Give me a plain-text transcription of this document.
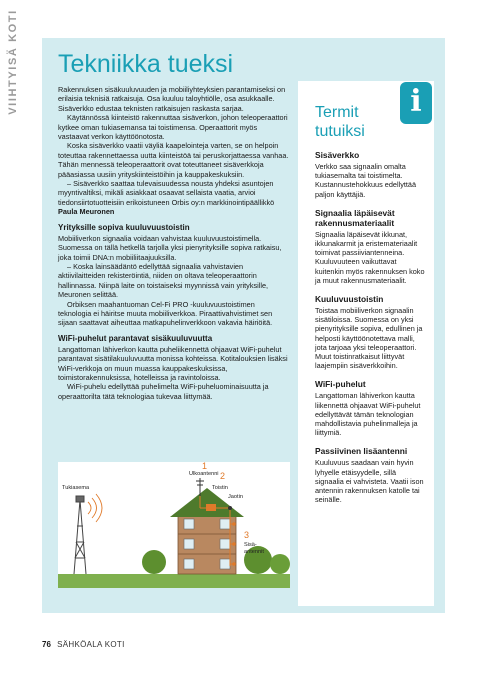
VIIHTYISÄ KOTI Tekniikka tueksi

Rakennuksen sisäkuuluvuuden ja mobiiliyhteyksien parantamiseksi on erilaisia teknisiä ratkaisuja. Osa kuuluu taloyhtiölle, osa asukkaalle. Sisäverkko edustaa teknisten ratkaisujen raskasta sarjaa.

Käytännössä kiinteistö rakennuttaa sisäverkon, johon teleoperaattori kytkee oman tukiasemansa tai toistimensa. Operaattorit myös vastaavat verkon käyttöönotosta.

Koska sisäverkko vaatii väyliä kaapelointeja varten, se on helpoin toteuttaa rakennettaessa uutta kiinteistöä tai peruskorjattaessa vanhaa. Tähän mennessä teleoperaattorit ovat toteuttaneet sisäverkkoja pääasiassa uusiin yrityskiinteistöihin ja kauppakeskuksiin.

– Sisäverkko saattaa tulevaisuudessa nousta yhdeksi asuntojen myyntivaltiksi, mikäli asiakkaat osaavat sellaista vaatia, arvioi tiedonsiirtotuotteisiin erikoistuneen Orbis oy:n markkinointipäällikkö Paula Meuronen

Yrityksille sopiva kuuluvuustoistin

Mobiiliverkon signaalia voidaan vahvistaa kuuluvuustoistimella. Suomessa on tällä hetkellä tarjolla yksi pienyrityksille sopiva ratkaisu, joka toimii DNA:n mobiiliitaajuuksilla.

– Koska lainsäädäntö edellyttää signaalia vahvistavien aktiivilaitteiden rekisteröintiä, niiden on oltava teleoperaattorin hallinnassa. Niinpä laite on toistaiseksi myynnissä vain yrityksille, Meuronen selittää.

Orbiksen maahantuoman Cel-Fi PRO -kuuluvuustoistimen teknologia ei häiritse muuta mobiiliverkkoa. Piraattivahvistimet sen sijaan saattavat aiheuttaa matkapuhelinverkkoon vakavia häiriöitä.

WiFi-puhelut parantavat sisäkuuluvuutta

Langattoman lähiverkon kautta puheliikennettä ohjaavat WiFi-puhelut parantavat sisätilakuuluvuutta monissa kohteissa. Kotitalouksien lisäksi WiFi-verkkoja on muun muassa kauppakeskuksissa, toimistorakennuksissa, hotelleissa ja ravintoloissa.

WiFi-puhelu edellyttää puhelimelta WiFi-puheluominaisuutta ja operaattorilta tätä teknologiaa tukevaa liittymää.

1
Ulkoantenni 2
Toistin
Jaotin
Tukiasema
3
Sisä-
antennit
i
Termit
tutuiksi
Sisäverkko
Verkko saa signaalin omalta tukiasemalta tai toistimelta. Kustannustehokkuus edellyttää paljon käyttäjiä.
Signaalia läpäisevät rakennusmateriaalit
Signaalia läpäisevät ikkunat, ikkunakarmit ja eristemateriaalit toimivat passiiviantenneina. Kuuluvuuteen vaikuttavat kuitenkin myös rakennuksen koko ja muut rakennusmateriaalit.
Kuuluvuustoistin
Toistaa mobiiliverkon signaalin sisätiloissa. Suomessa on yksi pienyrityksille sopiva, edullinen ja helposti käyttöönotettava malli, jota tarjoaa yksi teleoperaattori. Muut toistinratkaisut liittyvät laajempiin sisäverkkoihin.
WiFi-puhelut
Langattoman lähiverkon kautta liikennettä ohjaavat WiFi-puhelut edellyttävät tämän teknologian mahdollistavia puhelinmalleja ja liittymiä.
Passiivinen lisäantenni
Kuuluvuus saadaan vain hyvin lyhyelle etäisyydelle, sillä signaalia ei vahvisteta. Vaatii ison antennin rakennuksen katolle tai seinälle.
76 SÄHKÖALA KOTI
